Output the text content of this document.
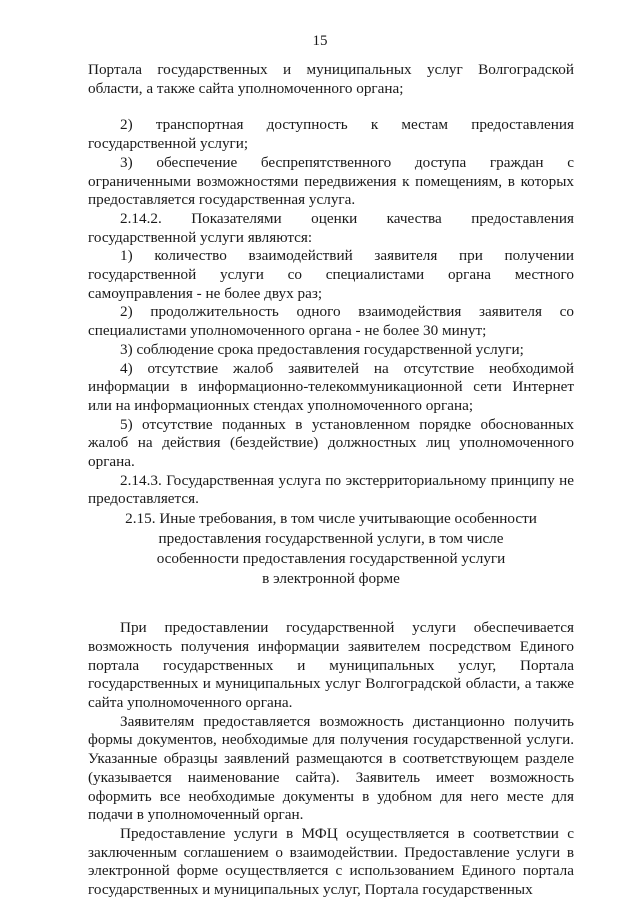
15

Портала государственных и муниципальных услуг Волгоградской области, а также сайта уполномоченного органа;

2) транспортная доступность к местам предоставления государственной услуги;

3) обеспечение беспрепятственного доступа граждан с ограниченными возможностями передвижения к помещениям, в которых предоставляется государственная услуга.

2.14.2. Показателями оценки качества предоставления государственной услуги являются:

1) количество взаимодействий заявителя при получении государственной услуги со специалистами органа местного самоуправления - не более двух раз;

2) продолжительность одного взаимодействия заявителя со специалистами уполномоченного органа - не более 30 минут;

3) соблюдение срока предоставления государственной услуги;

4) отсутствие жалоб заявителей на отсутствие необходимой информации в информационно-телекоммуникационной сети Интернет или на информационных стендах уполномоченного органа;

5) отсутствие поданных в установленном порядке обоснованных жалоб на действия (бездействие) должностных лиц уполномоченного органа.

2.14.3. Государственная услуга по экстерриториальному принципу не предоставляется.

2.15. Иные требования, в том числе учитывающие особенности
предоставления государственной услуги, в том числе
особенности предоставления государственной услуги
в электронной форме

При предоставлении государственной услуги обеспечивается возможность получения информации заявителем посредством Единого портала государственных и муниципальных услуг, Портала государственных и муниципальных услуг Волгоградской области, а также сайта уполномоченного органа.

Заявителям предоставляется возможность дистанционно получить формы документов, необходимые для получения государственной услуги. Указанные образцы заявлений размещаются в соответствующем разделе (указывается наименование сайта). Заявитель имеет возможность оформить все необходимые документы в удобном для него месте для подачи в уполномоченный орган.

Предоставление услуги в МФЦ осуществляется в соответствии с заключенным соглашением о взаимодействии. Предоставление услуги в электронной форме осуществляется с использованием Единого портала государственных и муниципальных услуг, Портала государственных
